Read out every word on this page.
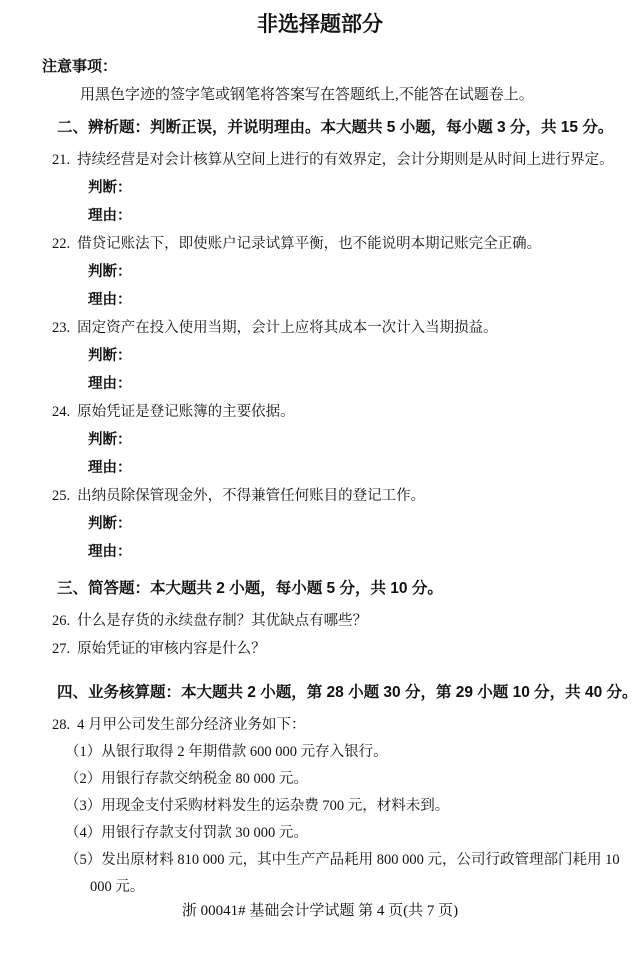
非选择题部分
注意事项：
用黑色字迹的签字笔或钢笔将答案写在答题纸上,不能答在试题卷上。
二、辨析题：判断正误，并说明理由。本大题共 5 小题，每小题 3 分，共 15 分。
21. 持续经营是对会计核算从空间上进行的有效界定，会计分期则是从时间上进行界定。
判断：
理由：
22. 借贷记账法下，即使账户记录试算平衡，也不能说明本期记账完全正确。
判断：
理由：
23. 固定资产在投入使用当期，会计上应将其成本一次计入当期损益。
判断：
理由：
24. 原始凭证是登记账簿的主要依据。
判断：
理由：
25. 出纳员除保管现金外，不得兼管任何账目的登记工作。
判断：
理由：
三、简答题：本大题共 2 小题，每小题 5 分，共 10 分。
26. 什么是存货的永续盘存制？其优缺点有哪些？
27. 原始凭证的审核内容是什么？
四、业务核算题：本大题共 2 小题，第 28 小题 30 分，第 29 小题 10 分，共 40 分。
28. 4 月甲公司发生部分经济业务如下：
（1）从银行取得 2 年期借款 600 000 元存入银行。
（2）用银行存款交纳税金 80 000 元。
（3）用现金支付采购材料发生的运杂费 700 元，材料未到。
（4）用银行存款支付罚款 30 000 元。
（5）发出原材料 810 000 元，其中生产产品耗用 800 000 元，公司行政管理部门耗用 10 000 元。
浙 00041# 基础会计学试题 第 4 页(共 7 页)
